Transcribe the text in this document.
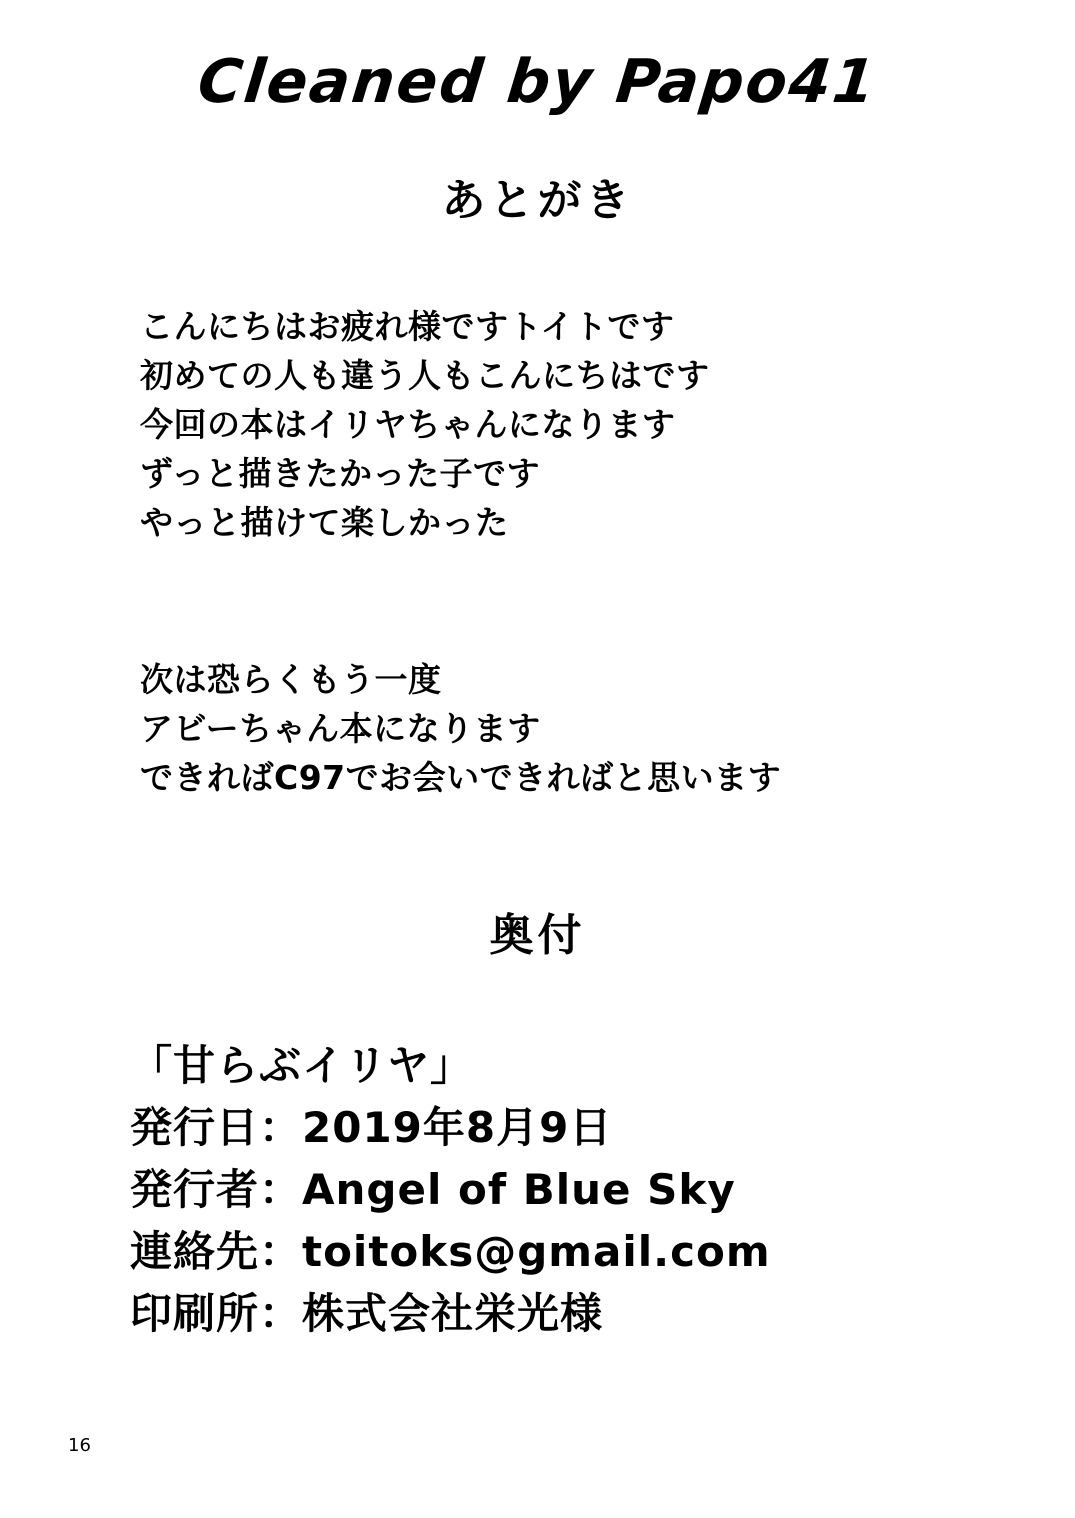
Cleaned by Papo41
あとがき

こんにちはお疲れ様ですトイトです

初めての人も違う人もこんにちはです

今回の本はイリヤちゃんになります

ずっと描きたかった子です

やっと描けて楽しかった

次は恐らくもう一度

アビーちゃん本になります

できればC97でお会いできればと思います

奥付

「甘らぶイリヤ」

発行日：2019年8月9日

発行者：Angel of Blue Sky

連絡先：toitoks@gmail.com

印刷所：株式会社栄光様

16
